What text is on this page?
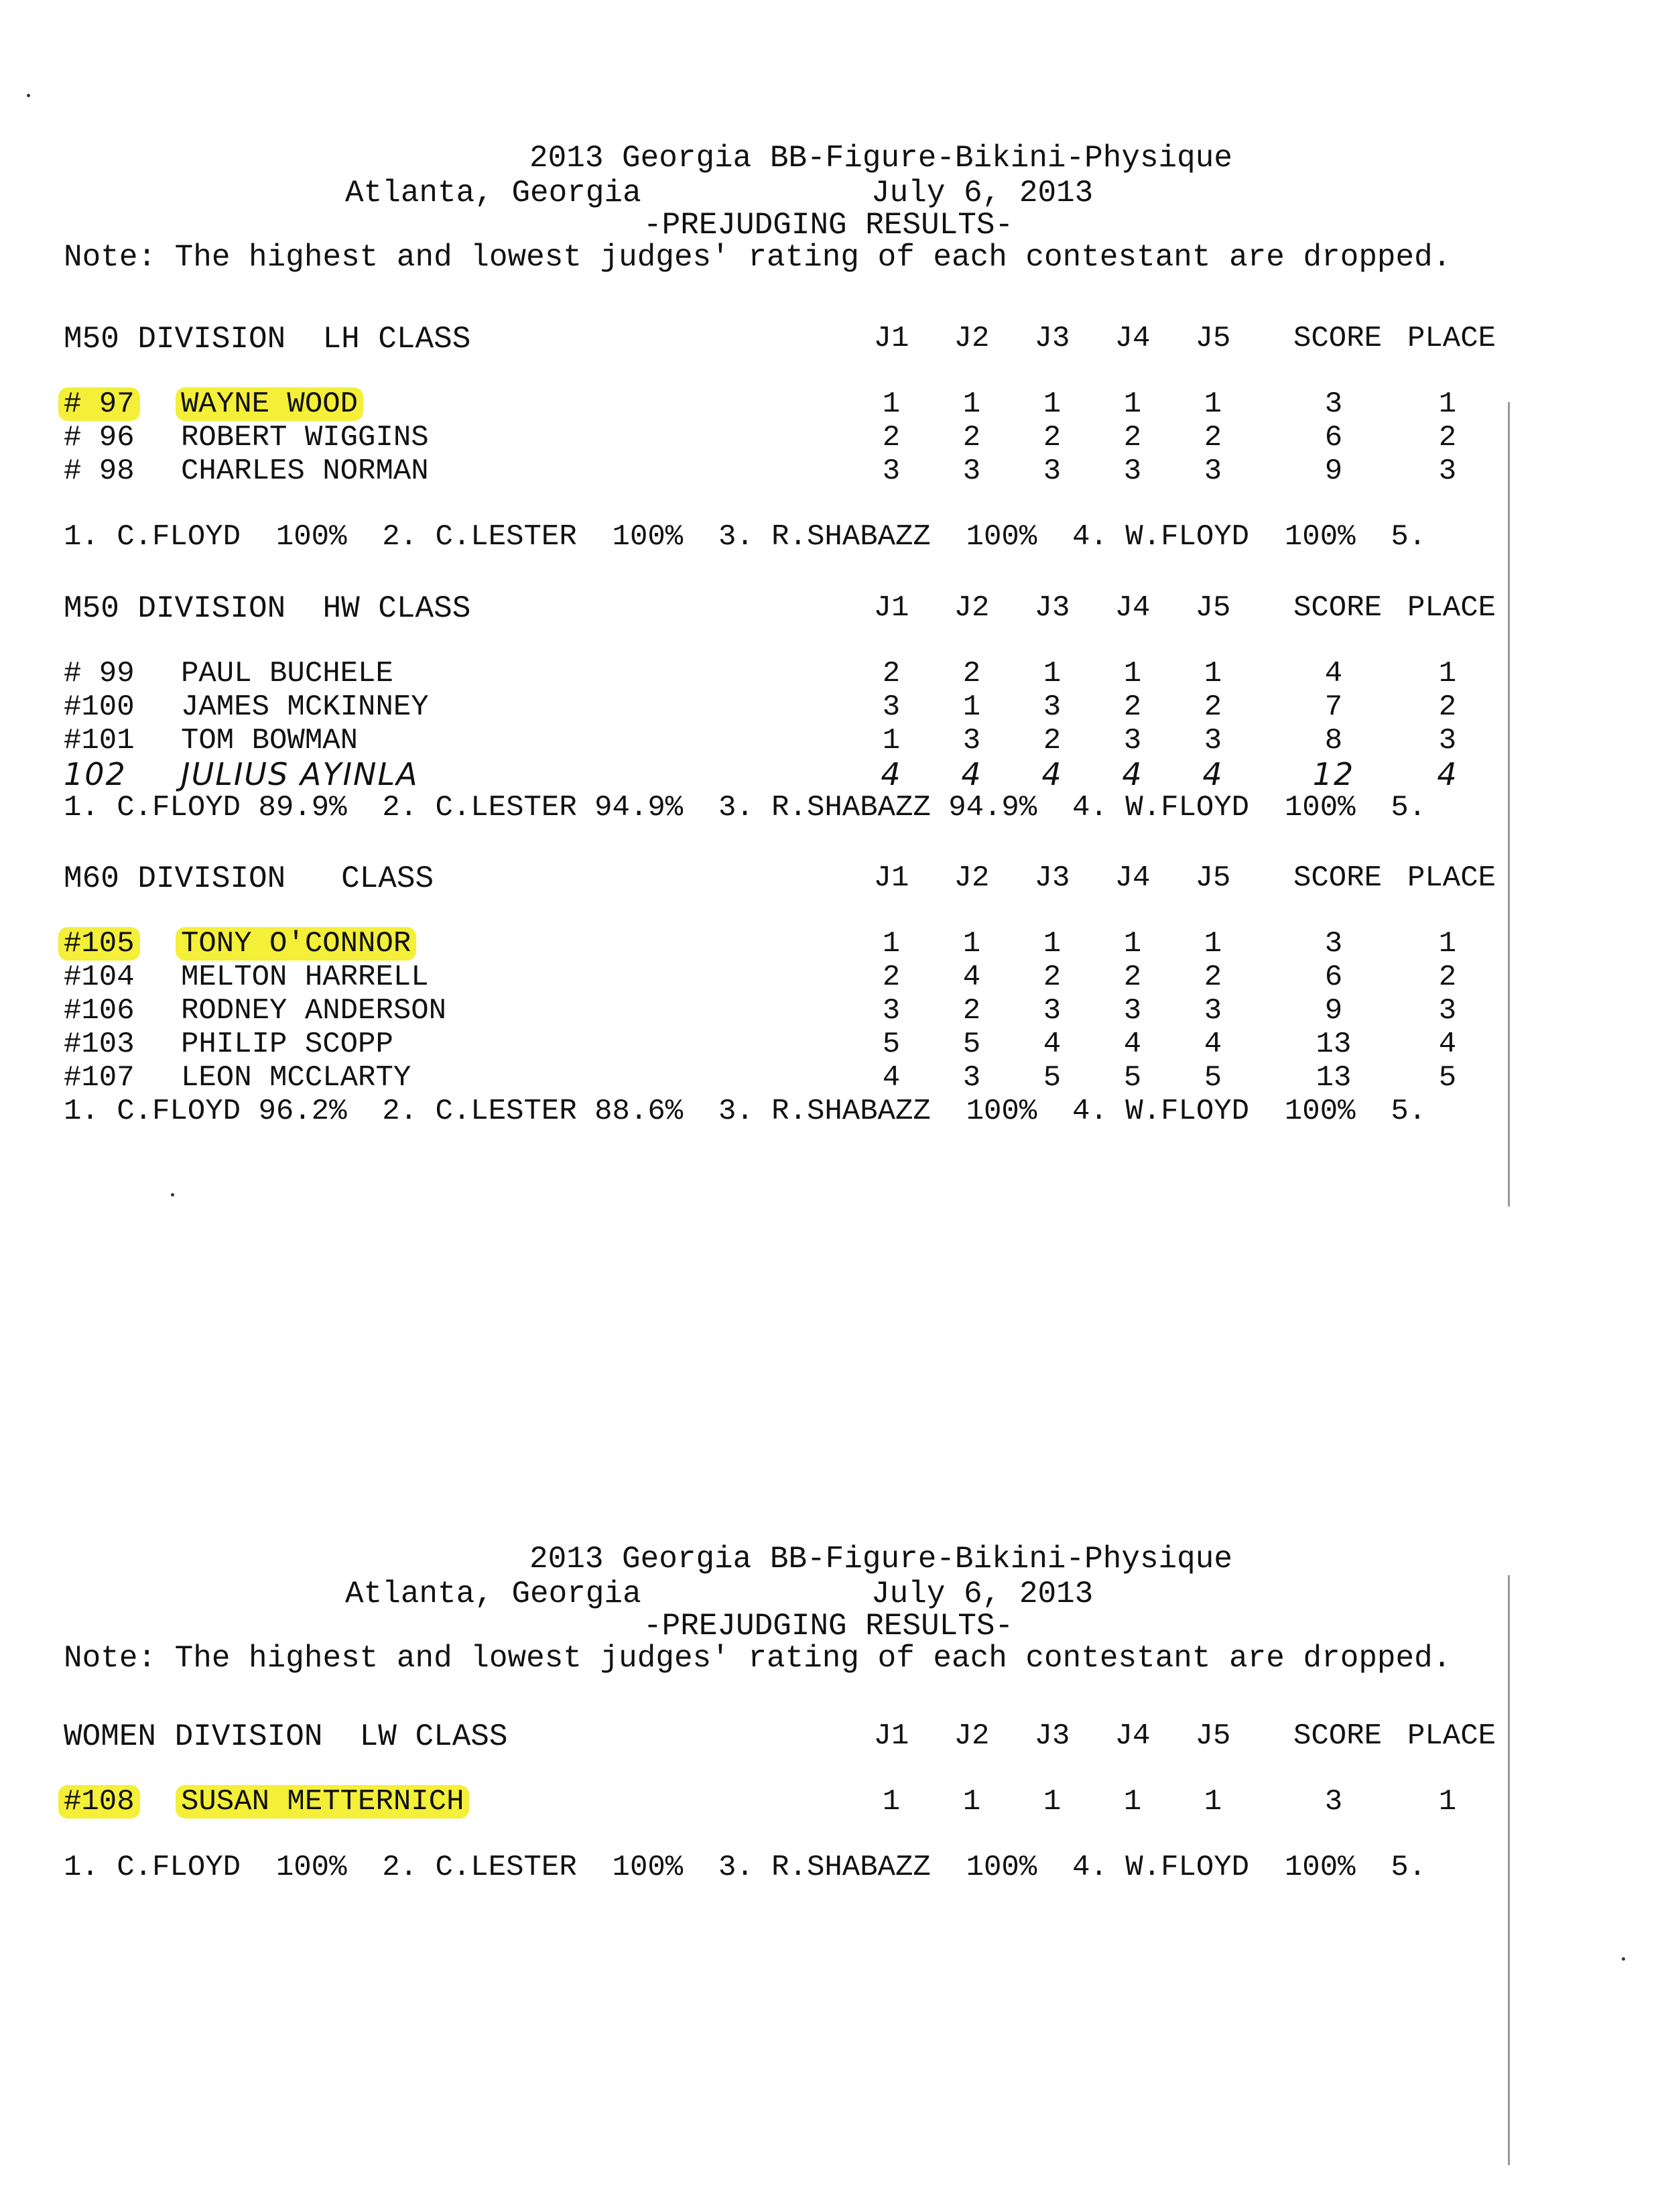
2013 Georgia BB-Figure-Bikini-Physique
Atlanta, Georgia	July 6, 2013
-PREJUDGING RESULTS-
Note: The highest and lowest judges' rating of each contestant are dropped.
M50 DIVISION  LH CLASS	J1	J2	J3	J4	J5	SCORE PLACE
# 97 WAYNE WOOD	1	1	1	1	1	3	1
# 96 ROBERT WIGGINS	2	2	2	2	2	6	2
# 98 CHARLES NORMAN	3	3	3	3	3	9	3
1. C.FLOYD  100%  2. C.LESTER  100%  3. R.SHABAZZ  100%  4. W.FLOYD  100%  5.
M50 DIVISION  HW CLASS	J1	J2	J3	J4	J5	SCORE PLACE
# 99 PAUL BUCHELE	2	2	1	1	1	4	1
#100 JAMES MCKINNEY	3	1	3	2	2	7	2
#101 TOM BOWMAN	1	3	2	3	3	8	3
102 JULIUS AYINLA	4	4	4	4	4	12	4
1. C.FLOYD 89.9%  2. C.LESTER 94.9%  3. R.SHABAZZ 94.9%  4. W.FLOYD  100%  5.
M60 DIVISION   CLASS	J1	J2	J3	J4	J5	SCORE PLACE
#105 TONY O'CONNOR	1	1	1	1	1	3	1
#104 MELTON HARRELL	2	4	2	2	2	6	2
#106 RODNEY ANDERSON	3	2	3	3	3	9	3
#103 PHILIP SCOPP	5	5	4	4	4	13	4
#107 LEON MCCLARTY	4	3	5	5	5	13	5
1. C.FLOYD 96.2%  2. C.LESTER 88.6%  3. R.SHABAZZ  100%  4. W.FLOYD  100%  5.
2013 Georgia BB-Figure-Bikini-Physique
Atlanta, Georgia	July 6, 2013
-PREJUDGING RESULTS-
Note: The highest and lowest judges' rating of each contestant are dropped.
WOMEN DIVISION  LW CLASS	J1	J2	J3	J4	J5	SCORE PLACE
#108 SUSAN METTERNICH	1	1	1	1	1	3	1
1. C.FLOYD  100%  2. C.LESTER  100%  3. R.SHABAZZ  100%  4. W.FLOYD  100%  5.
